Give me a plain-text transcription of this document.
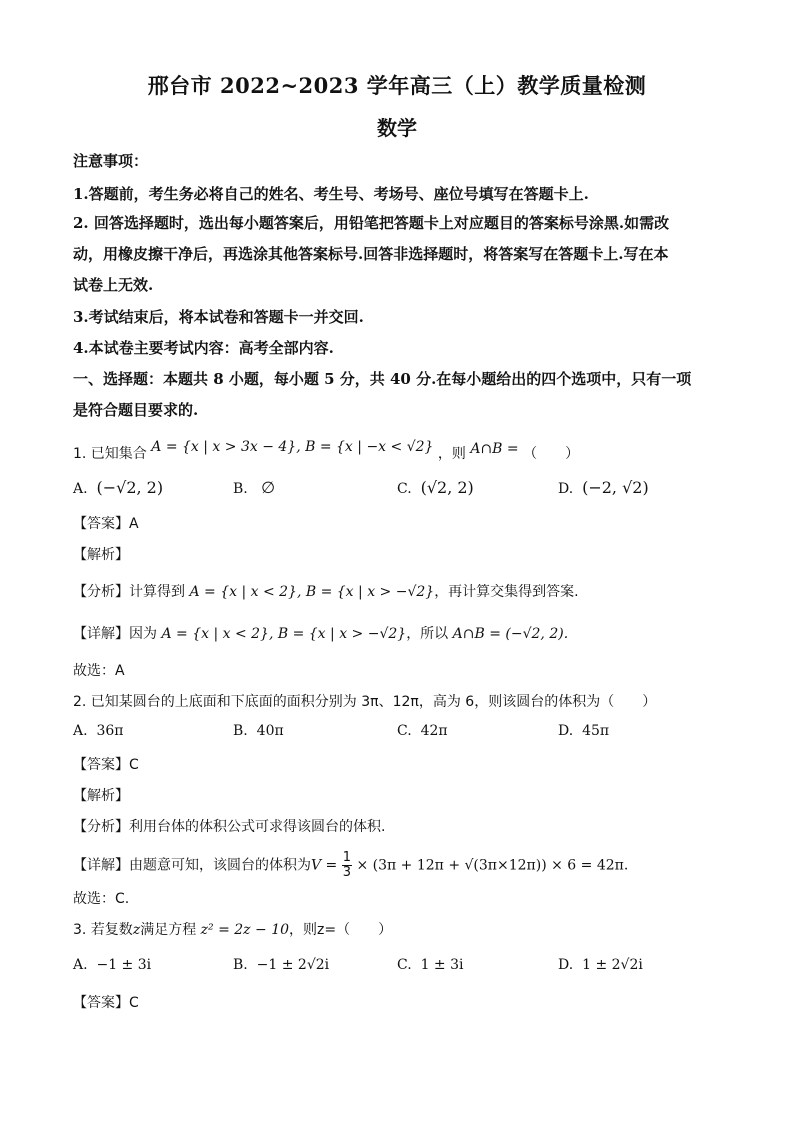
邢台市 2022~2023 学年高三（上）教学质量检测
数学
注意事项：
1.答题前，考生务必将自己的姓名、考生号、考场号、座位号填写在答题卡上.
2. 回答选择题时，选出每小题答案后，用铅笔把答题卡上对应题目的答案标号涂黑.如需改
动，用橡皮擦干净后，再选涂其他答案标号.回答非选择题时，将答案写在答题卡上.写在本
试卷上无效.
3.考试结束后，将本试卷和答题卡一并交回.
4.本试卷主要考试内容：高考全部内容.
一、选择题：本题共 8 小题，每小题 5 分，共 40 分.在每小题给出的四个选项中，只有一项
是符合题目要求的.
1. 已知集合 A = {x | x > 3x − 4}, B = {x | −x < √2} ，则 A∩B = （　　）
A. (−√2, 2)	B. ∅	C. (√2, 2)	D. (−2, √2)
【答案】A
【解析】
【分析】计算得到 A = {x | x < 2}, B = {x | x > −√2}，再计算交集得到答案.
【详解】因为 A = {x | x < 2}, B = {x | x > −√2}，所以 A∩B = (−√2, 2).
故选：A
2. 已知某圆台的上底面和下底面的面积分别为 3π、12π，高为 6，则该圆台的体积为（　　）
A. 36π	B. 40π	C. 42π	D. 45π
【答案】C
【解析】
【分析】利用台体的体积公式可求得该圆台的体积.
【详解】由题意可知，该圆台的体积为$V = \frac{1}{3} \times (3\pi + 12\pi + √(3\pi\times 12\pi)) \times 6 = 42\pi$.
故选：C.
3. 若复数z满足方程 z² = 2z − 10，则z=（　　）
A. −1 ± 3i	B. −1 ± 2√2i	C. 1 ± 3i	D. 1 ± 2√2i
【答案】C
